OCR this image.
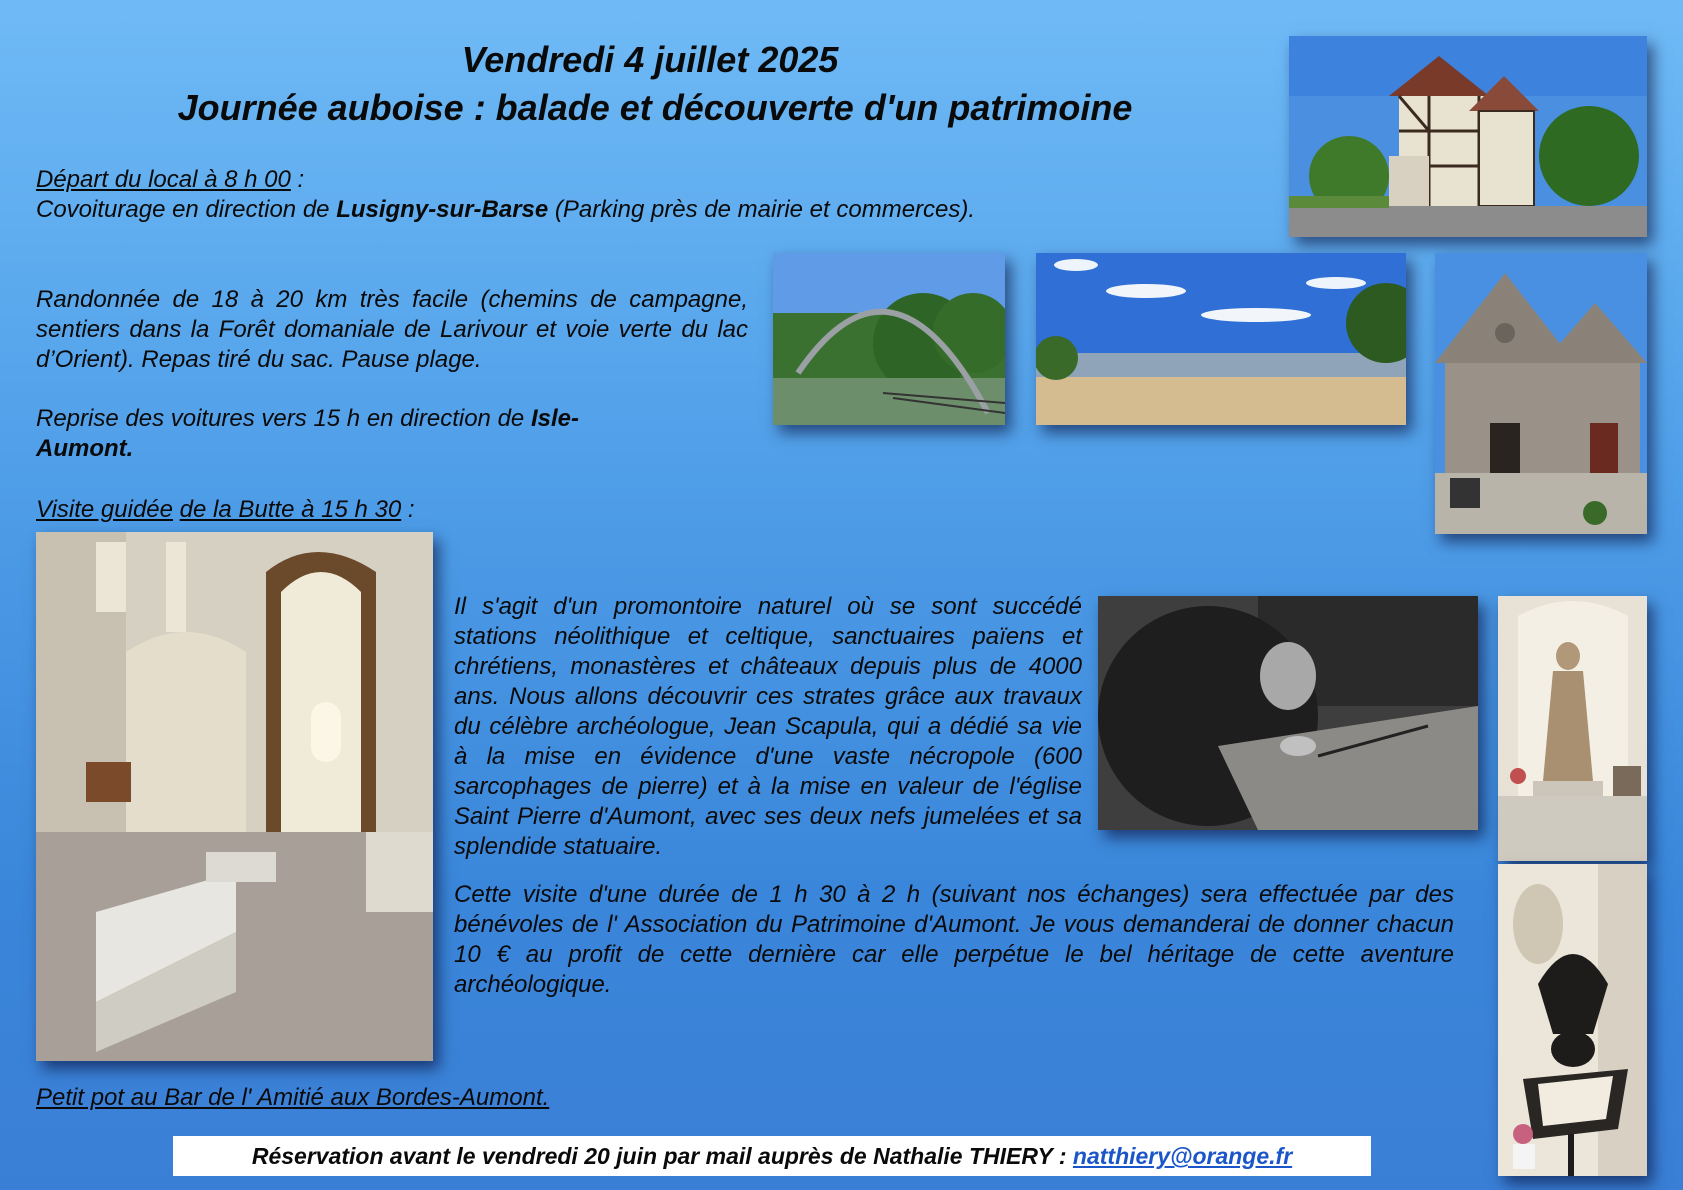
Vendredi 4 juillet 2025
Journée auboise : balade et découverte d'un patrimoine
Départ du local à 8 h 00 :
Covoiturage en direction de Lusigny-sur-Barse (Parking près de mairie et commerces).
Randonnée de 18 à 20 km très facile (chemins de campagne, sentiers dans la Forêt domaniale de Larivour et voie verte du lac d’Orient). Repas tiré du sac. Pause plage.
Reprise des voitures vers 15 h en direction de Isle-Aumont.
Visite guidée de la Butte à 15 h 30 :
Il s'agit d'un promontoire naturel où se sont succédé stations néolithique et celtique, sanctuaires païens et chrétiens, monastères et châteaux depuis plus de 4000 ans. Nous allons découvrir ces strates grâce aux travaux du célèbre archéologue, Jean Scapula, qui a dédié sa vie à la mise en évidence d'une vaste nécropole (600 sarcophages de pierre) et à la mise en valeur de l'église Saint Pierre d'Aumont, avec ses deux nefs jumelées et sa splendide statuaire.
Cette visite d'une durée de 1 h 30 à 2 h (suivant nos échanges) sera effectuée par des bénévoles de l' Association du Patrimoine d'Aumont. Je vous demanderai de donner chacun 10 € au profit de cette dernière car elle perpétue le bel héritage de cette aventure archéologique.
Petit pot au Bar de l' Amitié aux Bordes-Aumont.
Réservation avant le vendredi 20 juin par mail auprès de Nathalie THIERY : natthiery@orange.fr
